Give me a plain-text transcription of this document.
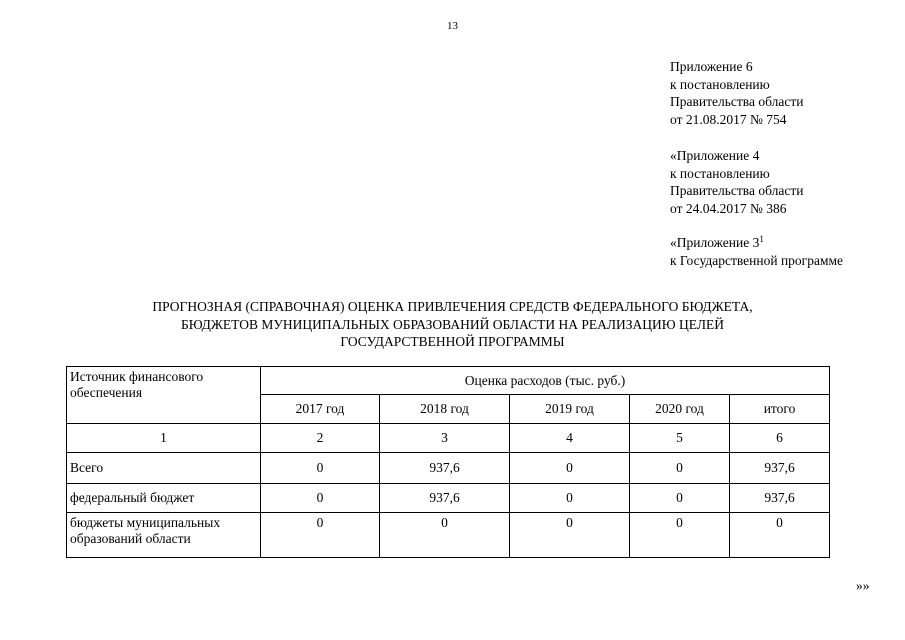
13
Приложение 6
к постановлению
Правительства области
от 21.08.2017 № 754
«Приложение 4
к постановлению
Правительства области
от 24.04.2017 № 386
«Приложение $3^1$
к Государственной программе
ПРОГНОЗНАЯ (СПРАВОЧНАЯ) ОЦЕНКА ПРИВЛЕЧЕНИЯ СРЕДСТВ ФЕДЕРАЛЬНОГО БЮДЖЕТА,
БЮДЖЕТОВ МУНИЦИПАЛЬНЫХ ОБРАЗОВАНИЙ ОБЛАСТИ НА РЕАЛИЗАЦИЮ ЦЕЛЕЙ
ГОСУДАРСТВЕННОЙ ПРОГРАММЫ
Источник финансового обеспечения	Оценка расходов (тыс. руб.)				
	2017 год	2018 год	2019 год	2020 год	итого
1	2	3	4	5	6
Всего	0	937,6	0	0	937,6
федеральный бюджет	0	937,6	0	0	937,6
бюджеты муниципальных образований области	0	0	0	0	0
»»
